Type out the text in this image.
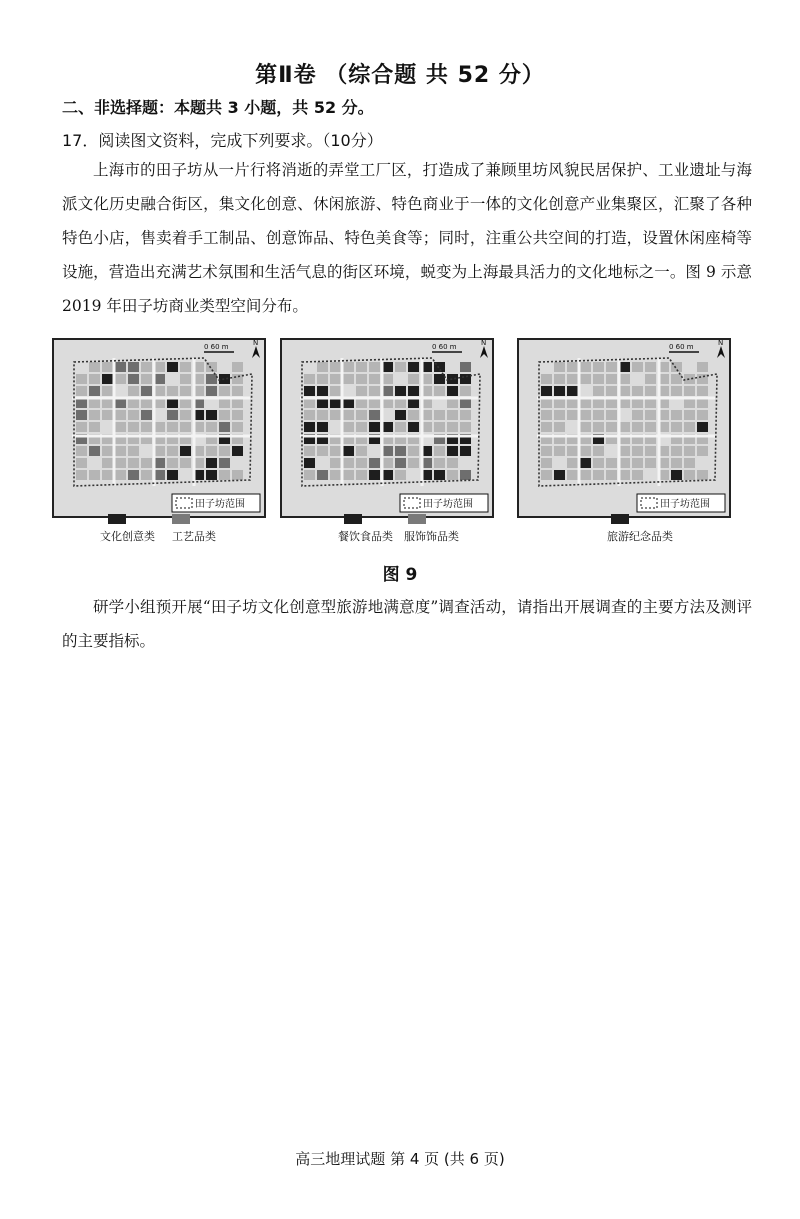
第Ⅱ卷 （综合题 共 52 分）
二、非选择题：本题共 3 小题，共 52 分。
17．阅读图文资料，完成下列要求。（10分）
上海市的田子坊从一片行将消逝的弄堂工厂区，打造成了兼顾里坊风貌民居保护、工业遗址与海派文化历史融合街区，集文化创意、休闲旅游、特色商业于一体的文化创意产业集聚区，汇聚了各种特色小店，售卖着手工制品、创意饰品、特色美食等；同时，注重公共空间的打造，设置休闲座椅等设施，营造出充满艺术氛围和生活气息的街区环境，蜕变为上海最具活力的文化地标之一。图 9 示意 2019 年田子坊商业类型空间分布。
0 60 m	N
田子坊范围
0 60 m	N
田子坊范围
0 60 m	N
田子坊范围
文化创意类 工艺品类	餐饮食品类 服饰饰品类	旅游纪念品类
图 9
研学小组预开展“田子坊文化创意型旅游地满意度”调查活动，请指出开展调查的主要方法及测评的主要指标。
高三地理试题 第 4 页 (共 6 页)
